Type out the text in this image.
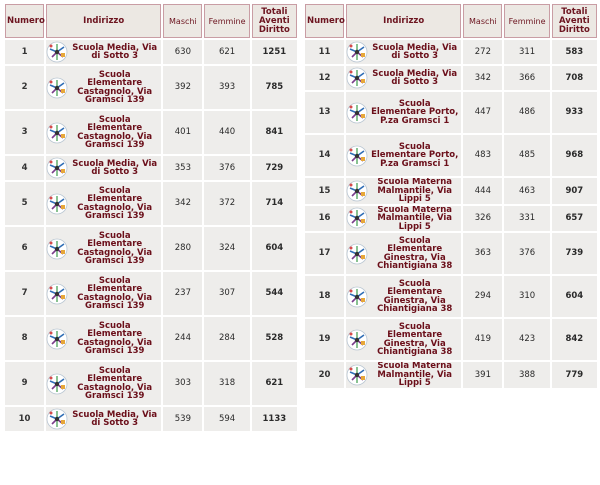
Numero	Indirizzo	Maschi	Femmine	Totali Aventi Diritto
1	Scuola Media, Via di Sotto 3	630	621	1251
2	Scuola Elementare Castagnolo, Via Gramsci 139	392	393	785
3	Scuola Elementare Castagnolo, Via Gramsci 139	401	440	841
4	Scuola Media, Via di Sotto 3	353	376	729
5	Scuola Elementare Castagnolo, Via Gramsci 139	342	372	714
6	Scuola Elementare Castagnolo, Via Gramsci 139	280	324	604
7	Scuola Elementare Castagnolo, Via Gramsci 139	237	307	544
8	Scuola Elementare Castagnolo, Via Gramsci 139	244	284	528
9	Scuola Elementare Castagnolo, Via Gramsci 139	303	318	621
10	Scuola Media, Via di Sotto 3	539	594	1133
Numero	Indirizzo	Maschi	Femmine	Totali Aventi Diritto
11	Scuola Media, Via di Sotto 3	272	311	583
12	Scuola Media, Via di Sotto 3	342	366	708
13	Scuola Elementare Porto, P.za Gramsci 1	447	486	933
14	Scuola Elementare Porto, P.za Gramsci 1	483	485	968
15	Scuola Materna Malmantile, Via Lippi 5	444	463	907
16	Scuola Materna Malmantile, Via Lippi 5	326	331	657
17	Scuola Elementare Ginestra, Via Chiantigiana 38	363	376	739
18	Scuola Elementare Ginestra, Via Chiantigiana 38	294	310	604
19	Scuola Elementare Ginestra, Via Chiantigiana 38	419	423	842
20	Scuola Materna Malmantile, Via Lippi 5	391	388	779
